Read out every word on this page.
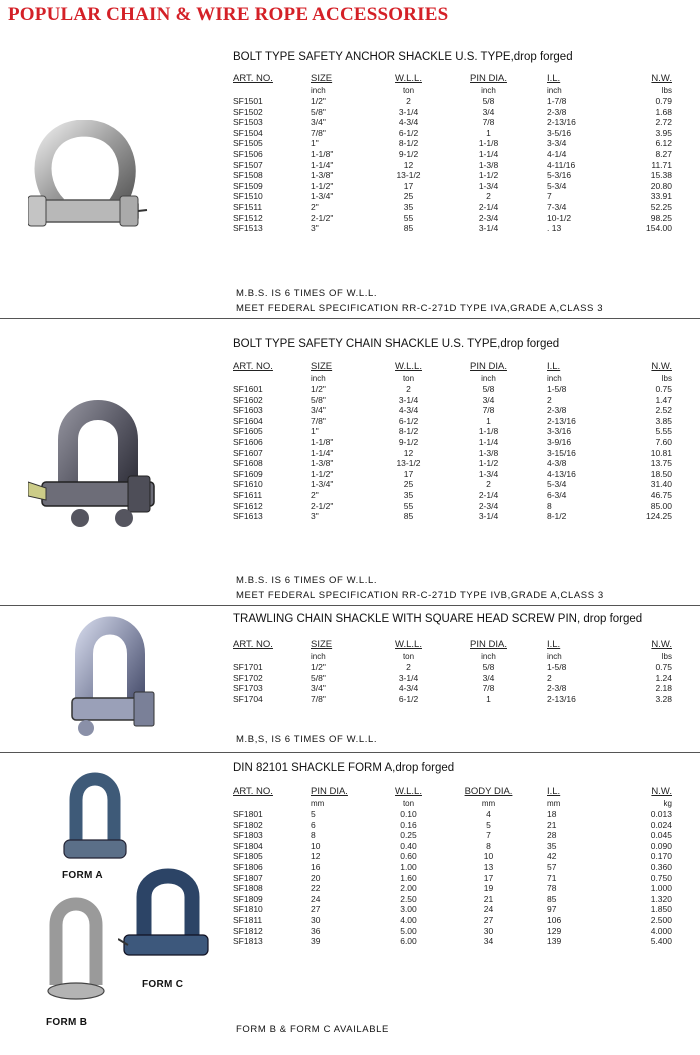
POPULAR CHAIN & WIRE ROPE ACCESSORIES
BOLT TYPE SAFETY ANCHOR SHACKLE U.S. TYPE,drop forged
ART. NO.	SIZE	W.L.L.	PIN DIA.	I.L.	N.W.
	inch	ton	inch	inch	lbs
SF1501	1/2"	2	5/8	1-7/8	0.79
SF1502	5/8"	3-1/4	3/4	2-3/8	1.68
SF1503	3/4"	4-3/4	7/8	2-13/16	2.72
SF1504	7/8"	6-1/2	1	3-5/16	3.95
SF1505	1"	8-1/2	1-1/8	3-3/4	6.12
SF1506	1-1/8"	9-1/2	1-1/4	4-1/4	8.27
SF1507	1-1/4"	12	1-3/8	4-11/16	11.71
SF1508	1-3/8"	13-1/2	1-1/2	5-3/16	15.38
SF1509	1-1/2"	17	1-3/4	5-3/4	20.80
SF1510	1-3/4"	25	2	7	33.91
SF1511	2"	35	2-1/4	7-3/4	52.25
SF1512	2-1/2"	55	2-3/4	10-1/2	98.25
SF1513	3"	85	3-1/4	. 13	154.00
M.B.S. IS 6 TIMES OF W.L.L.
MEET FEDERAL SPECIFICATION RR-C-271D TYPE IVA,GRADE A,CLASS 3
BOLT TYPE SAFETY CHAIN SHACKLE U.S. TYPE,drop forged
ART. NO.	SIZE	W.L.L.	PIN DIA.	I.L.	N.W.
	inch	ton	inch	inch	lbs
SF1601	1/2"	2	5/8	1-5/8	0.75
SF1602	5/8"	3-1/4	3/4	2	1.47
SF1603	3/4"	4-3/4	7/8	2-3/8	2.52
SF1604	7/8"	6-1/2	1	2-13/16	3.85
SF1605	1"	8-1/2	1-1/8	3-3/16	5.55
SF1606	1-1/8"	9-1/2	1-1/4	3-9/16	7.60
SF1607	1-1/4"	12	1-3/8	3-15/16	10.81
SF1608	1-3/8"	13-1/2	1-1/2	4-3/8	13.75
SF1609	1-1/2"	17	1-3/4	4-13/16	18.50
SF1610	1-3/4"	25	2	5-3/4	31.40
SF1611	2"	35	2-1/4	6-3/4	46.75
SF1612	2-1/2"	55	2-3/4	8	85.00
SF1613	3"	85	3-1/4	8-1/2	124.25
M.B.S. IS 6 TIMES OF W.L.L.
MEET FEDERAL SPECIFICATION RR-C-271D TYPE IVB,GRADE A,CLASS 3
TRAWLING CHAIN SHACKLE WITH SQUARE HEAD SCREW PIN, drop forged
ART. NO.	SIZE	W.L.L.	PIN DIA.	I.L.	N.W.
	inch	ton	inch	inch	lbs
SF1701	1/2"	2	5/8	1-5/8	0.75
SF1702	5/8"	3-1/4	3/4	2	1.24
SF1703	3/4"	4-3/4	7/8	2-3/8	2.18
SF1704	7/8"	6-1/2	1	2-13/16	3.28
M.B,S, IS 6 TIMES OF W.L.L.
FORM A
FORM B
FORM C
DIN 82101 SHACKLE FORM A,drop forged
ART. NO.	PIN DIA.	W.L.L.	BODY DIA.	I.L.	N.W.
	mm	ton	mm	mm	kg
SF1801	5	0.10	4	18	0.013
SF1802	6	0.16	5	21	0.024
SF1803	8	0.25	7	28	0.045
SF1804	10	0.40	8	35	0.090
SF1805	12	0.60	10	42	0.170
SF1806	16	1.00	13	57	0.360
SF1807	20	1.60	17	71	0.750
SF1808	22	2.00	19	78	1.000
SF1809	24	2.50	21	85	1.320
SF1810	27	3.00	24	97	1.850
SF1811	30	4.00	27	106	2.500
SF1812	36	5.00	30	129	4.000
SF1813	39	6.00	34	139	5.400
FORM B & FORM C AVAILABLE
